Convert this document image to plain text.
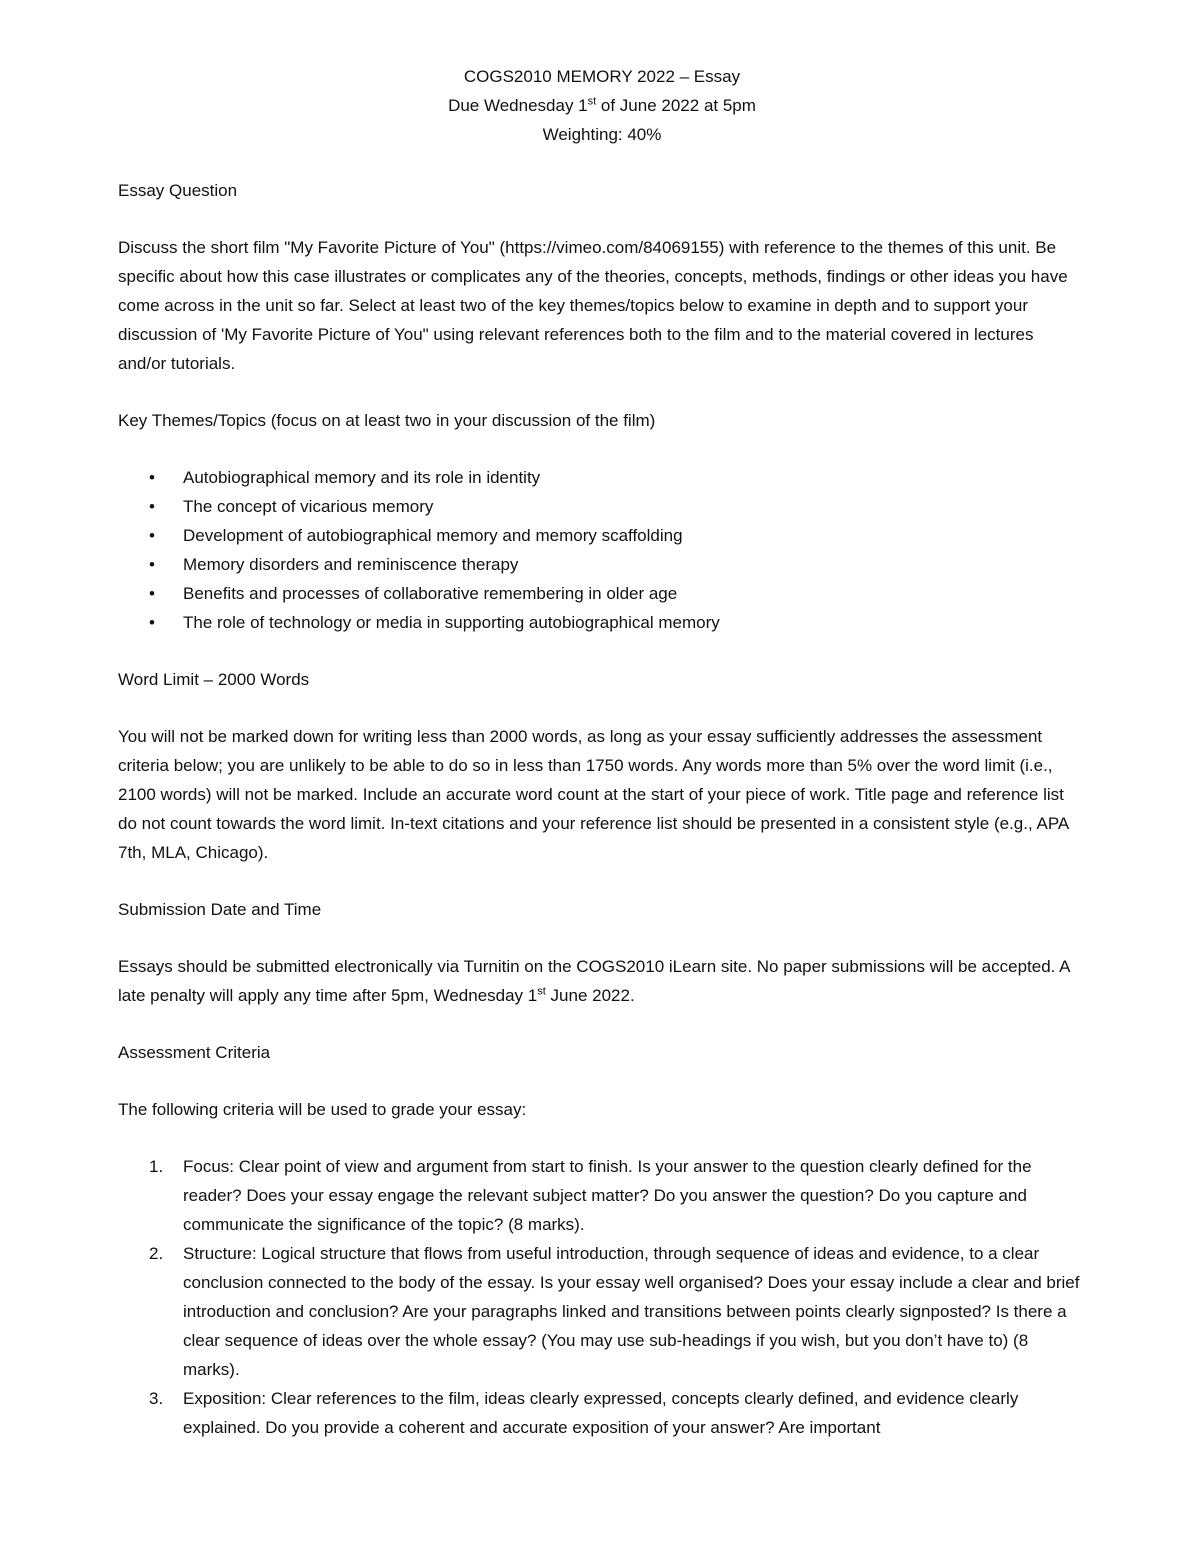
COGS2010 MEMORY 2022 – Essay

Due Wednesday 1st of June 2022 at 5pm

Weighting: 40%

Essay Question

Discuss the short film "My Favorite Picture of You" (https://vimeo.com/84069155) with reference to the themes of this unit. Be specific about how this case illustrates or complicates any of the theories, concepts, methods, findings or other ideas you have come across in the unit so far. Select at least two of the key themes/topics below to examine in depth and to support your discussion of 'My Favorite Picture of You" using relevant references both to the film and to the material covered in lectures and/or tutorials.

Key Themes/Topics (focus on at least two in your discussion of the film)

• Autobiographical memory and its role in identity
• The concept of vicarious memory
• Development of autobiographical memory and memory scaffolding
• Memory disorders and reminiscence therapy
• Benefits and processes of collaborative remembering in older age
• The role of technology or media in supporting autobiographical memory

Word Limit – 2000 Words

You will not be marked down for writing less than 2000 words, as long as your essay sufficiently addresses the assessment criteria below; you are unlikely to be able to do so in less than 1750 words. Any words more than 5% over the word limit (i.e., 2100 words) will not be marked. Include an accurate word count at the start of your piece of work. Title page and reference list do not count towards the word limit. In-text citations and your reference list should be presented in a consistent style (e.g., APA 7th, MLA, Chicago).

Submission Date and Time

Essays should be submitted electronically via Turnitin on the COGS2010 iLearn site. No paper submissions will be accepted. A late penalty will apply any time after 5pm, Wednesday 1st June 2022.

Assessment Criteria

The following criteria will be used to grade your essay:

1. Focus: Clear point of view and argument from start to finish. Is your answer to the question clearly defined for the reader? Does your essay engage the relevant subject matter? Do you answer the question? Do you capture and communicate the significance of the topic? (8 marks).
2. Structure: Logical structure that flows from useful introduction, through sequence of ideas and evidence, to a clear conclusion connected to the body of the essay. Is your essay well organised? Does your essay include a clear and brief introduction and conclusion? Are your paragraphs linked and transitions between points clearly signposted? Is there a clear sequence of ideas over the whole essay? (You may use sub-headings if you wish, but you don’t have to) (8 marks).
3. Exposition: Clear references to the film, ideas clearly expressed, concepts clearly defined, and evidence clearly explained. Do you provide a coherent and accurate exposition of your answer? Are important
